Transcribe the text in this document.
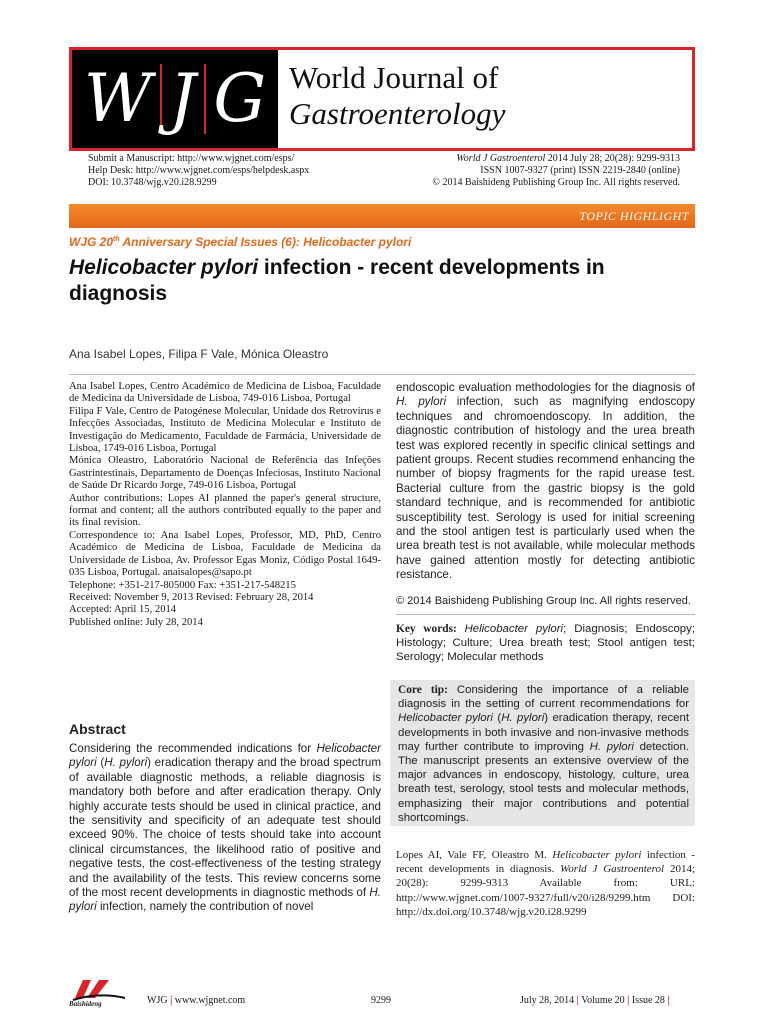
W J G World Journal of
Gastroenterology
Submit a Manuscript: http://www.wjgnet.com/esps/
Help Desk: http://www.wjgnet.com/esps/helpdesk.aspx
DOI: 10.3748/wjg.v20.i28.9299
World J Gastroenterol 2014 July 28; 20(28): 9299-9313
ISSN 1007-9327 (print) ISSN 2219-2840 (online)
© 2014 Baishideng Publishing Group Inc. All rights reserved.
TOPIC HIGHLIGHT
WJG 20th Anniversary Special Issues (6): Helicobacter pylori
Helicobacter pylori infection - recent developments in diagnosis
Ana Isabel Lopes, Filipa F Vale, Mónica Oleastro

Ana Isabel Lopes, Centro Académico de Medicina de Lisboa, Faculdade de Medicina da Universidade de Lisboa, 749-016 Lisboa, Portugal

Filipa F Vale, Centro de Patogénese Molecular, Unidade dos Retrovírus e Infecções Associadas, Instituto de Medicina Molecular e Instituto de Investigação do Medicamento, Faculdade de Farmácia, Universidade de Lisboa, 1749-016 Lisboa, Portugal

Mónica Oleastro, Laboratório Nacional de Referência das Infeções Gastrintestinais, Departamento de Doenças Infeciosas, Instituto Nacional de Saúde Dr Ricardo Jorge, 749-016 Lisboa, Portugal

Author contributions: Lopes AI planned the paper's general structure, format and content; all the authors contributed equally to the paper and its final revision.

Correspondence to: Ana Isabel Lopes, Professor, MD, PhD, Centro Académico de Medicina de Lisboa, Faculdade de Medicina da Universidade de Lisboa, Av. Professor Egas Moniz, Código Postal 1649-035 Lisboa, Portugal. anaisalopes@sapo.pt

Telephone: +351-217-805000 Fax: +351-217-548215

Received: November 9, 2013 Revised: February 28, 2014

Accepted: April 15, 2014

Published online: July 28, 2014

Abstract
Considering the recommended indications for Helicobacter pylori (H. pylori) eradication therapy and the broad spectrum of available diagnostic methods, a reliable diagnosis is mandatory both before and after eradication therapy. Only highly accurate tests should be used in clinical practice, and the sensitivity and specificity of an adequate test should exceed 90%. The choice of tests should take into account clinical circumstances, the likelihood ratio of positive and negative tests, the cost-effectiveness of the testing strategy and the availability of the tests. This review concerns some of the most recent developments in diagnostic methods of H. pylori infection, namely the contribution of novel
endoscopic evaluation methodologies for the diagnosis of H. pylori infection, such as magnifying endoscopy techniques and chromoendoscopy. In addition, the diagnostic contribution of histology and the urea breath test was explored recently in specific clinical settings and patient groups. Recent studies recommend enhancing the number of biopsy fragments for the rapid urease test. Bacterial culture from the gastric biopsy is the gold standard technique, and is recommended for antibiotic susceptibility test. Serology is used for initial screening and the stool antigen test is particularly used when the urea breath test is not available, while molecular methods have gained attention mostly for detecting antibiotic resistance.
© 2014 Baishideng Publishing Group Inc. All rights reserved.
Key words: Helicobacter pylori; Diagnosis; Endoscopy; Histology; Culture; Urea breath test; Stool antigen test; Serology; Molecular methods
Core tip: Considering the importance of a reliable diagnosis in the setting of current recommendations for Helicobacter pylori (H. pylori) eradication therapy, recent developments in both invasive and non-invasive methods may further contribute to improving H. pylori detection. The manuscript presents an extensive overview of the major advances in endoscopy, histology, culture, urea breath test, serology, stool tests and molecular methods, emphasizing their major contributions and potential shortcomings.
Lopes AI, Vale FF, Oleastro M. Helicobacter pylori infection - recent developments in diagnosis. World J Gastroenterol 2014; 20(28): 9299-9313 Available from: URL: http://www.wjgnet.com/1007-9327/full/v20/i28/9299.htm DOI: http://dx.doi.org/10.3748/wjg.v20.i28.9299
Baishideng	WJG | www.wjgnet.com	9299	July 28, 2014 | Volume 20 | Issue 28 |
